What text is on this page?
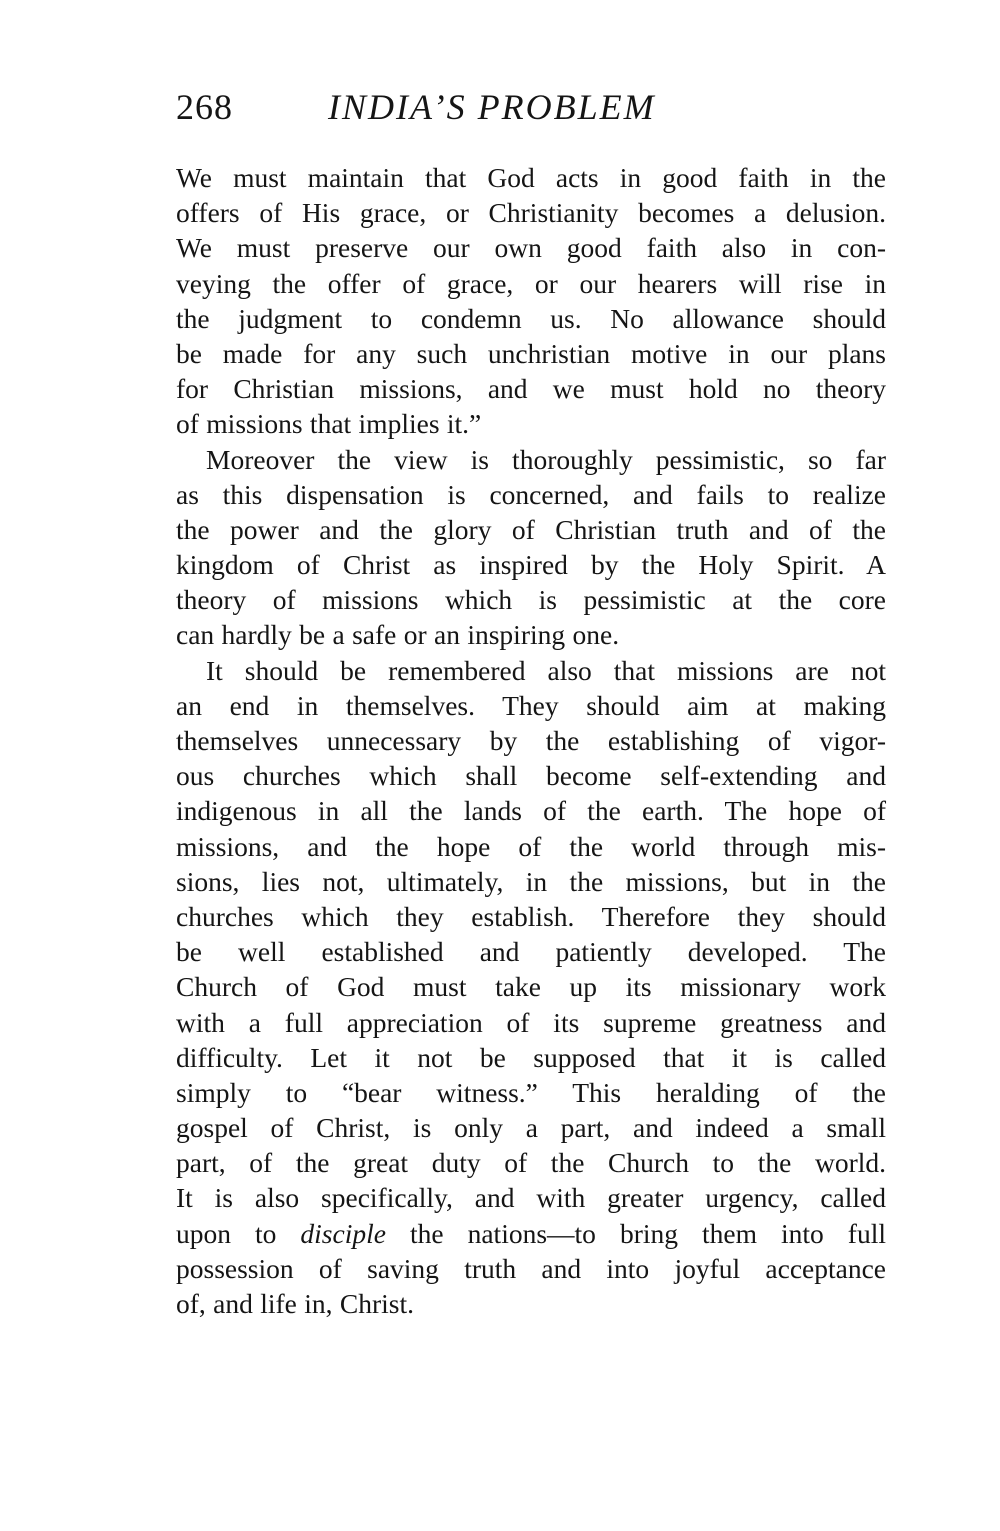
268	INDIA’S PROBLEM
We must maintain that God acts in good faith in the
offers of His grace, or Christianity becomes a delusion.
We must preserve our own good faith also in con-
veying the offer of grace, or our hearers will rise in
the judgment to condemn us. No allowance should
be made for any such unchristian motive in our plans
for Christian missions, and we must hold no theory
of missions that implies it.”
Moreover the view is thoroughly pessimistic, so far
as this dispensation is concerned, and fails to realize
the power and the glory of Christian truth and of the
kingdom of Christ as inspired by the Holy Spirit. A
theory of missions which is pessimistic at the core
can hardly be a safe or an inspiring one.
It should be remembered also that missions are not
an end in themselves. They should aim at making
themselves unnecessary by the establishing of vigor-
ous churches which shall become self-extending and
indigenous in all the lands of the earth. The hope of
missions, and the hope of the world through mis-
sions, lies not, ultimately, in the missions, but in the
churches which they establish. Therefore they should
be well established and patiently developed. The
Church of God must take up its missionary work
with a full appreciation of its supreme greatness and
difficulty. Let it not be supposed that it is called
simply to “bear witness.” This heralding of the
gospel of Christ, is only a part, and indeed a small
part, of the great duty of the Church to the world.
It is also specifically, and with greater urgency, called
upon to disciple the nations—to bring them into full
possession of saving truth and into joyful acceptance
of, and life in, Christ.
